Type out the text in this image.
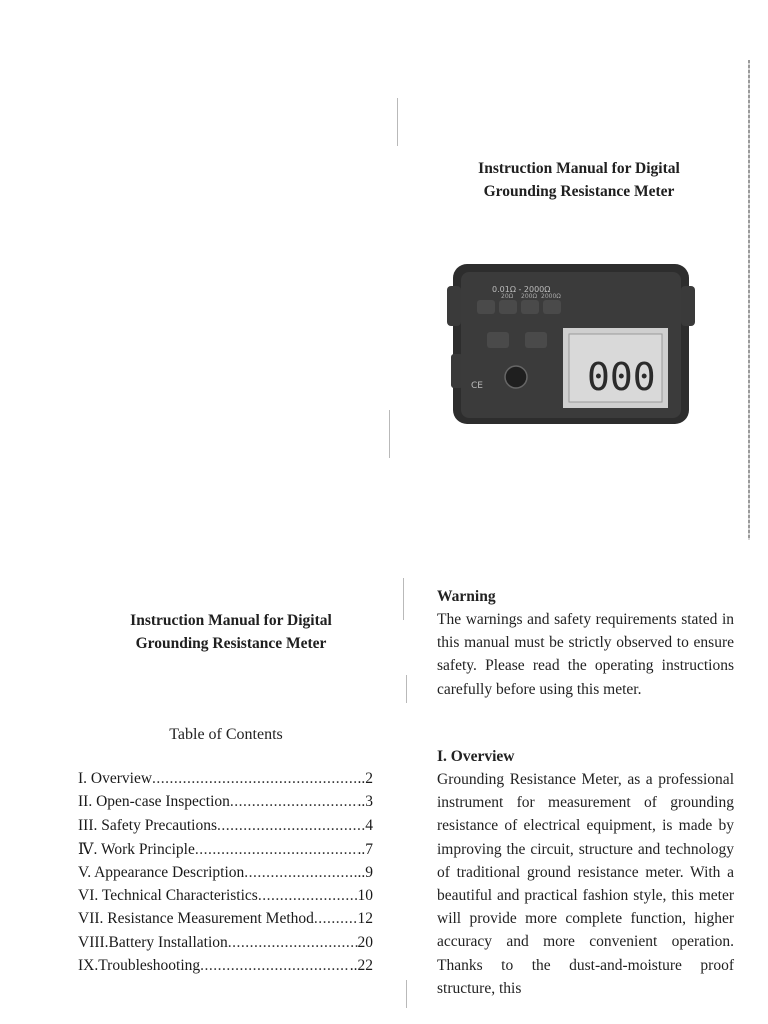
Instruction Manual for Digital
Grounding Resistance Meter
0.01Ω - 2000Ω
20Ω 200Ω 2000Ω
CE	000
Instruction Manual for Digital
Grounding Resistance Meter
Table of Contents
I. Overview .....	..2
II. Open-case Inspection .....	..3
III. Safety Precautions .....	4
Ⅳ. Work Principle .....	..7
V. Appearance Description .....	..9
VI. Technical Characteristics .....	10
VII. Resistance Measurement Method .....	12
VIII.Battery Installation .....	20
IX.Troubleshooting .....	..22
Warning

The warnings and safety requirements stated in this manual must be strictly observed to ensure safety. Please read the operating instructions carefully before using this meter.

I. Overview

Grounding Resistance Meter, as a professional instrument for measurement of grounding resistance of electrical equipment, is made by improving the circuit, structure and technology of traditional ground resistance meter. With a beautiful and practical fashion style, this meter will provide more complete function, higher accuracy and more convenient operation. Thanks to the dust-and-moisture proof structure, this
